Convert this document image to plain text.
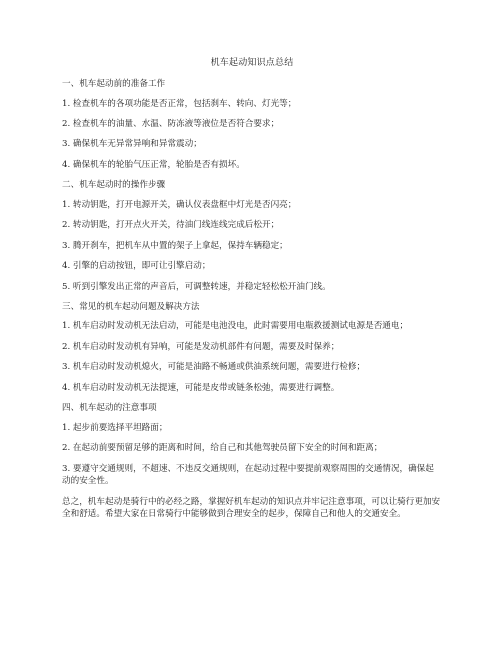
机车起动知识点总结
一、机车起动前的准备工作
1. 检查机车的各项功能是否正常，包括刹车、转向、灯光等；
2. 检查机车的油量、水温、防冻液等液位是否符合要求；
3. 确保机车无异常异响和异常震动；
4. 确保机车的轮胎气压正常，轮胎是否有损坏。
二、机车起动时的操作步骤
1. 转动钥匙，打开电源开关，确认仪表盘框中灯光是否闪亮；
2. 转动钥匙，打开点火开关，待油门线连线完成后松开；
3. 腾开刹车，把机车从中置的架子上拿起，保持车辆稳定；
4. 引擎的启动按钮，即可让引擎启动；
5. 听到引擎发出正常的声音后，可调整转速，并稳定轻松松开油门线。
三、常见的机车起动问题及解决方法
1. 机车启动时发动机无法启动，可能是电池没电，此时需要用电瓶救援测试电源是否通电；
2. 机车启动时发动机有异响，可能是发动机部件有问题，需要及时保养；
3. 机车启动时发动机熄火，可能是油路不畅通或供油系统问题，需要进行检修；
4. 机车启动时发动机无法提速，可能是皮带或链条松弛，需要进行调整。
四、机车起动的注意事项
1. 起步前要选择平坦路面；
2. 在起动前要预留足够的距离和时间，给自己和其他驾驶员留下安全的时间和距离；
3. 要遵守交通规则，不超速、不违反交通规则，在起动过程中要提前观察周围的交通情况，确保起动的安全性。
总之，机车起动是骑行中的必经之路，掌握好机车起动的知识点并牢记注意事项，可以让骑行更加安全和舒适。希望大家在日常骑行中能够做到合理安全的起步，保障自己和他人的交通安全。
